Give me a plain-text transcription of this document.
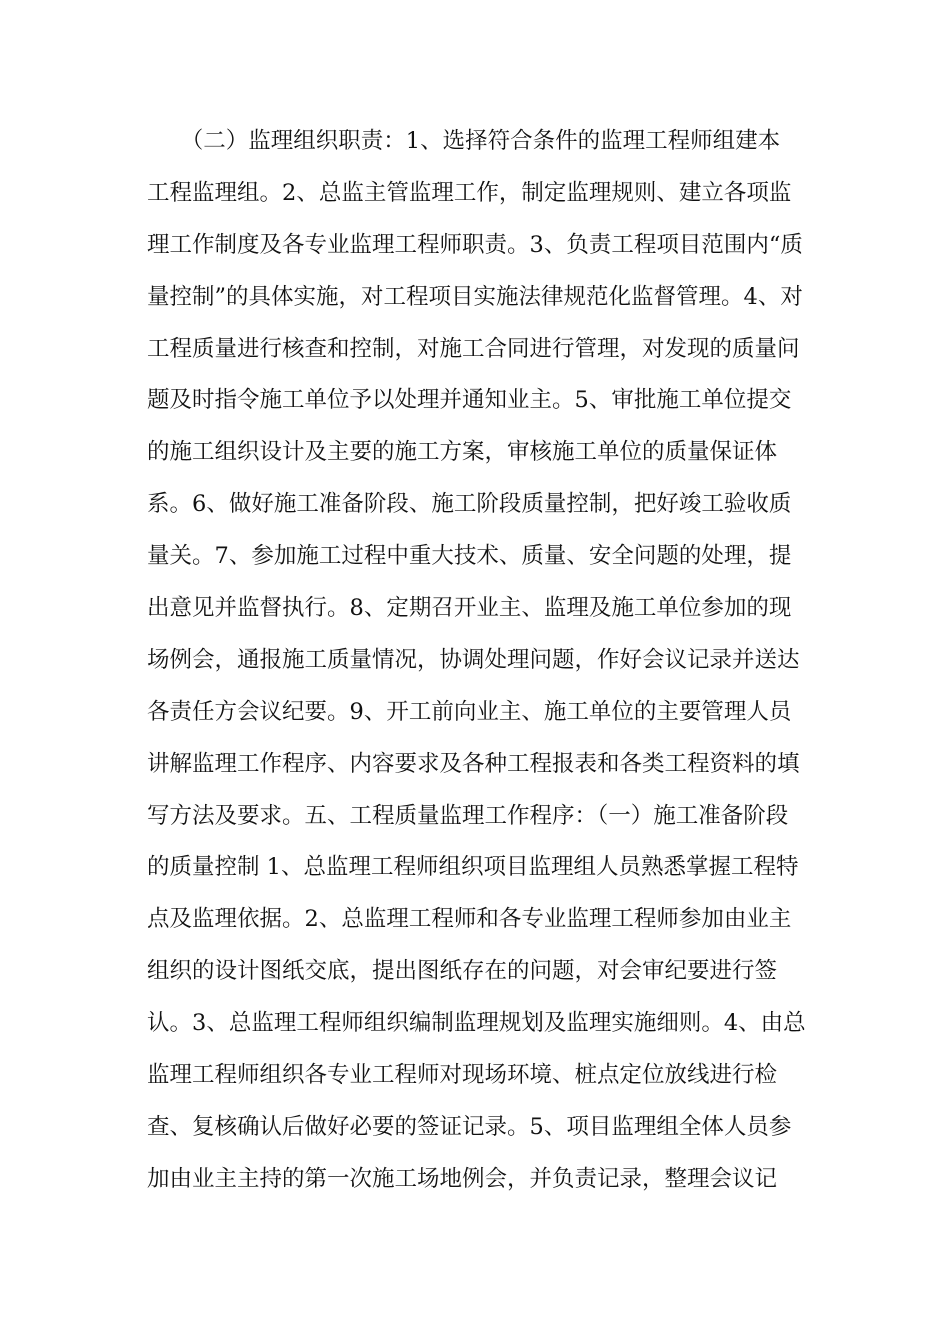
　　（二）监理组织职责：1、选择符合条件的监理工程师组建本
工程监理组。2、总监主管监理工作，制定监理规则、建立各项监
理工作制度及各专业监理工程师职责。3、负责工程项目范围内“质
量控制”的具体实施，对工程项目实施法律规范化监督管理。4、对
工程质量进行核查和控制，对施工合同进行管理，对发现的质量问
题及时指令施工单位予以处理并通知业主。5、审批施工单位提交
的施工组织设计及主要的施工方案，审核施工单位的质量保证体
系。6、做好施工准备阶段、施工阶段质量控制，把好竣工验收质
量关。7、参加施工过程中重大技术、质量、安全问题的处理，提
出意见并监督执行。8、定期召开业主、监理及施工单位参加的现
场例会，通报施工质量情况，协调处理问题，作好会议记录并送达
各责任方会议纪要。9、开工前向业主、施工单位的主要管理人员
讲解监理工作程序、内容要求及各种工程报表和各类工程资料的填
写方法及要求。五、工程质量监理工作程序：（一）施工准备阶段
的质量控制 1、总监理工程师组织项目监理组人员熟悉掌握工程特
点及监理依据。2、总监理工程师和各专业监理工程师参加由业主
组织的设计图纸交底，提出图纸存在的问题，对会审纪要进行签
认。3、总监理工程师组织编制监理规划及监理实施细则。4、由总
监理工程师组织各专业工程师对现场环境、桩点定位放线进行检
查、复核确认后做好必要的签证记录。5、项目监理组全体人员参
加由业主主持的第一次施工场地例会，并负责记录，整理会议记
